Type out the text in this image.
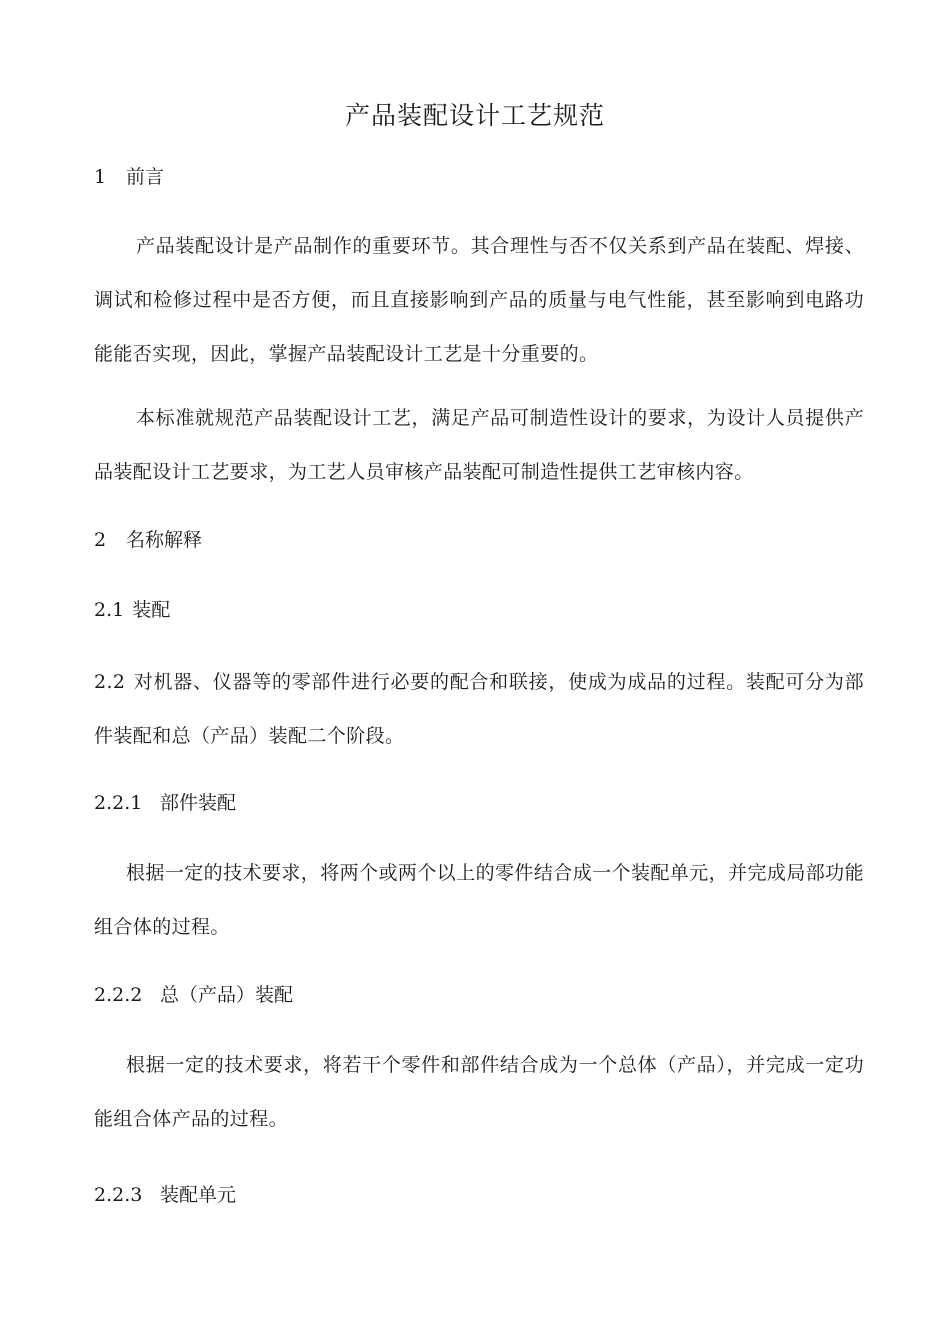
产品装配设计工艺规范
1 前言
产品装配设计是产品制作的重要环节。其合理性与否不仅关系到产品在装配、焊接、调试和检修过程中是否方便，而且直接影响到产品的质量与电气性能，甚至影响到电路功能能否实现，因此，掌握产品装配设计工艺是十分重要的。
本标准就规范产品装配设计工艺，满足产品可制造性设计的要求，为设计人员提供产品装配设计工艺要求，为工艺人员审核产品装配可制造性提供工艺审核内容。
2 名称解释
2.1 装配
2.2 对机器、仪器等的零部件进行必要的配合和联接，使成为成品的过程。装配可分为部件装配和总（产品）装配二个阶段。
2.2.1 部件装配
根据一定的技术要求，将两个或两个以上的零件结合成一个装配单元，并完成局部功能组合体的过程。
2.2.2 总（产品）装配
根据一定的技术要求，将若干个零件和部件结合成为一个总体（产品），并完成一定功能组合体产品的过程。
2.2.3 装配单元
